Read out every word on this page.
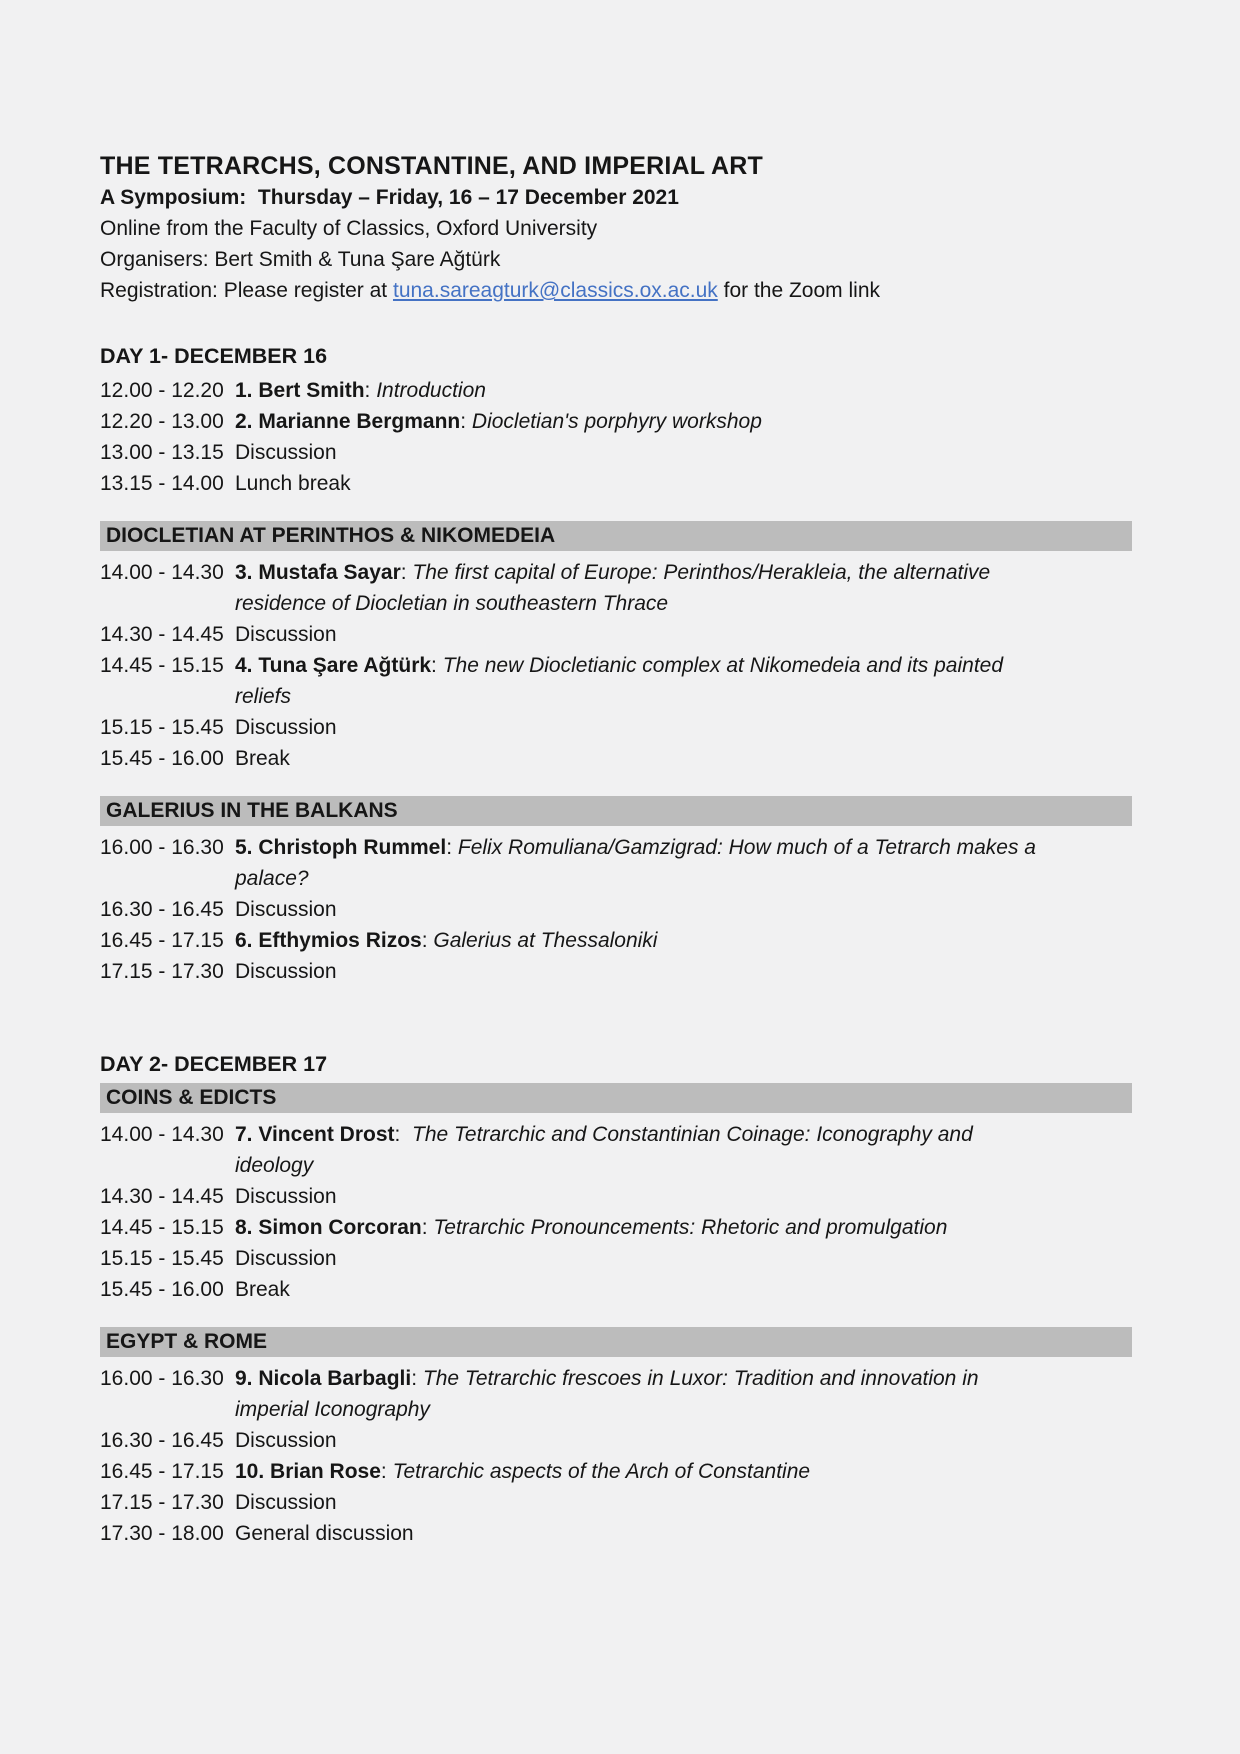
THE TETRARCHS, CONSTANTINE, AND IMPERIAL ART

A Symposium:  Thursday – Friday, 16 – 17 December 2021

Online from the Faculty of Classics, Oxford University

Organisers: Bert Smith & Tuna Şare Ağtürk

Registration: Please register at tuna.sareagturk@classics.ox.ac.uk for the Zoom link

DAY 1- DECEMBER 16
12.00 - 12.20 1. Bert Smith: Introduction
12.20 - 13.00 2. Marianne Bergmann: Diocletian's porphyry workshop
13.00 - 13.15 Discussion
13.15 - 14.00 Lunch break
DIOCLETIAN AT PERINTHOS & NIKOMEDEIA
14.00 - 14.30 3. Mustafa Sayar: The first capital of Europe: Perinthos/Herakleia, the alternative
residence of Diocletian in southeastern Thrace
14.30 - 14.45 Discussion
14.45 - 15.15 4. Tuna Şare Ağtürk: The new Diocletianic complex at Nikomedeia and its painted
reliefs
15.15 - 15.45 Discussion
15.45 - 16.00 Break
GALERIUS IN THE BALKANS
16.00 - 16.30 5. Christoph Rummel: Felix Romuliana/Gamzigrad: How much of a Tetrarch makes a
palace?
16.30 - 16.45 Discussion
16.45 - 17.15 6. Efthymios Rizos: Galerius at Thessaloniki
17.15 - 17.30 Discussion
DAY 2- DECEMBER 17
COINS & EDICTS
14.00 - 14.30 7. Vincent Drost:  The Tetrarchic and Constantinian Coinage: Iconography and
ideology
14.30 - 14.45 Discussion
14.45 - 15.15 8. Simon Corcoran: Tetrarchic Pronouncements: Rhetoric and promulgation
15.15 - 15.45 Discussion
15.45 - 16.00 Break
EGYPT & ROME
16.00 - 16.30 9. Nicola Barbagli: The Tetrarchic frescoes in Luxor: Tradition and innovation in
imperial Iconography
16.30 - 16.45 Discussion
16.45 - 17.15 10. Brian Rose: Tetrarchic aspects of the Arch of Constantine
17.15 - 17.30 Discussion
17.30 - 18.00 General discussion
